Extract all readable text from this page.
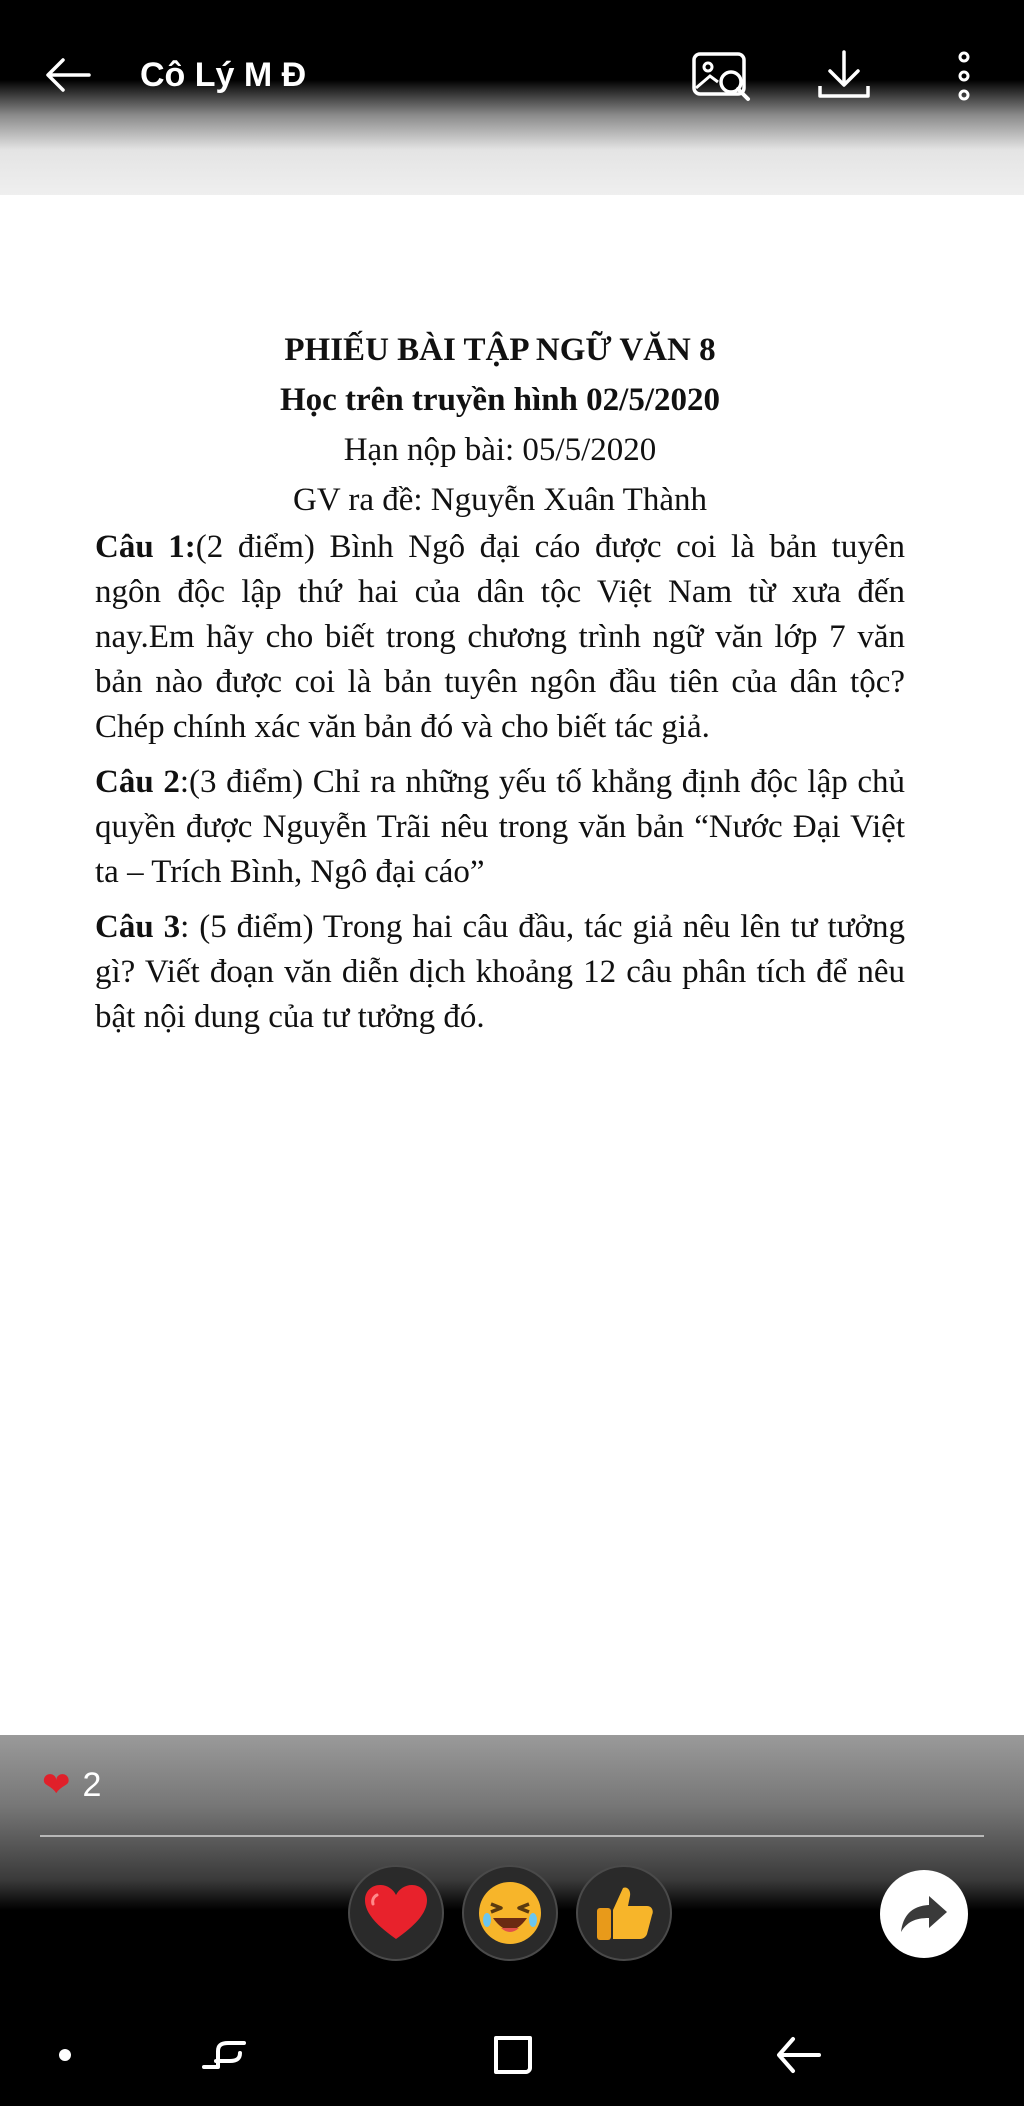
Cô Lý M Đ
PHIẾU BÀI TẬP NGỮ VĂN 8
Học trên truyền hình 02/5/2020
Hạn nộp bài: 05/5/2020
GV ra đề: Nguyễn Xuân Thành
Câu 1:(2 điểm) Bình Ngô đại cáo được coi là bản tuyên ngôn độc lập thứ hai của dân tộc Việt Nam từ xưa đến nay.Em hãy cho biết trong chương trình ngữ văn lớp 7 văn bản nào được coi là bản tuyên ngôn đầu tiên của dân tộc? Chép chính xác văn bản đó và cho biết tác giả.
Câu 2:(3 điểm) Chỉ ra những yếu tố khẳng định độc lập chủ quyền được Nguyễn Trãi nêu trong văn bản “Nước Đại Việt ta – Trích Bình, Ngô đại cáo”
Câu 3: (5 điểm) Trong hai câu đầu, tác giả nêu lên tư tưởng gì? Viết đoạn văn diễn dịch khoảng 12 câu phân tích để nêu bật nội dung của tư tưởng đó.
❤ 2
